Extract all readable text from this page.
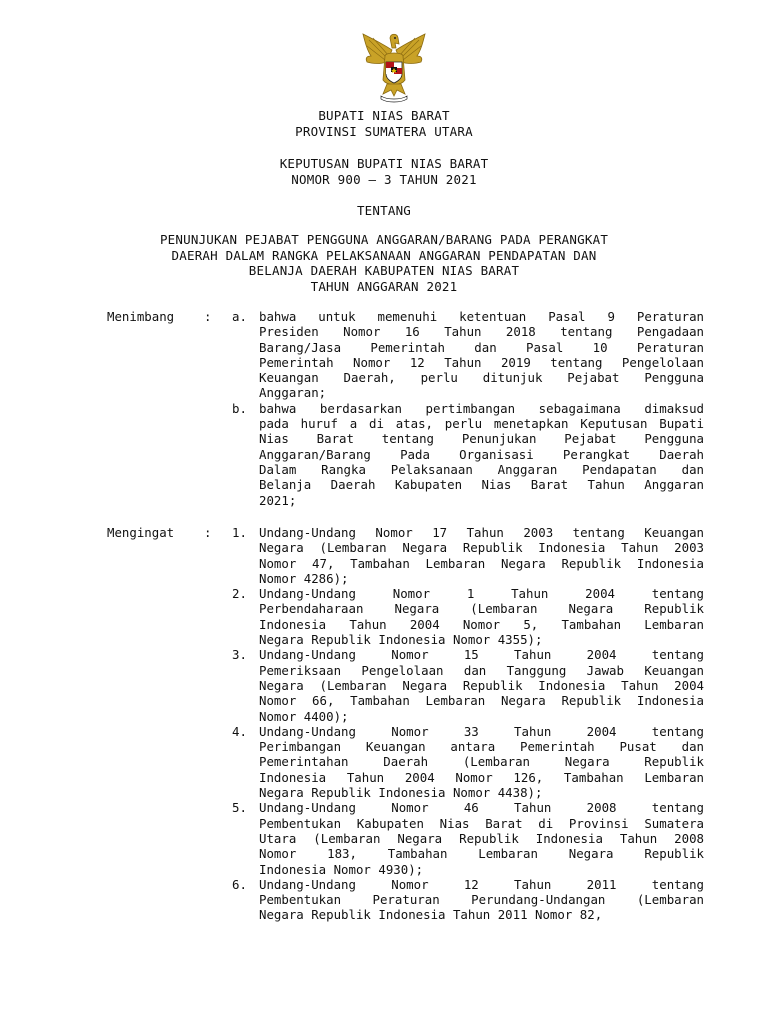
BUPATI NIAS BARAT
PROVINSI SUMATERA UTARA
KEPUTUSAN BUPATI NIAS BARAT
NOMOR 900 – 3 TAHUN 2021
TENTANG
PENUNJUKAN PEJABAT PENGGUNA ANGGARAN/BARANG PADA PERANGKAT
DAERAH DALAM RANGKA PELAKSANAAN ANGGARAN PENDAPATAN DAN
BELANJA DAERAH KABUPATEN NIAS BARAT
TAHUN ANGGARAN 2021
Menimbang : a. bahwa untuk memenuhi ketentuan Pasal 9 Peraturan
Presiden Nomor 16 Tahun 2018 tentang Pengadaan
Barang/Jasa Pemerintah dan Pasal 10 Peraturan
Pemerintah Nomor 12 Tahun 2019 tentang Pengelolaan
Keuangan Daerah, perlu ditunjuk Pejabat Pengguna
Anggaran;
b. bahwa berdasarkan pertimbangan sebagaimana dimaksud
pada huruf a di atas, perlu menetapkan Keputusan Bupati
Nias Barat tentang Penunjukan Pejabat Pengguna
Anggaran/Barang Pada Organisasi Perangkat Daerah
Dalam Rangka Pelaksanaan Anggaran Pendapatan dan
Belanja Daerah Kabupaten Nias Barat Tahun Anggaran
2021;
Mengingat : 1. Undang-Undang Nomor 17 Tahun 2003 tentang Keuangan
Negara (Lembaran Negara Republik Indonesia Tahun 2003
Nomor 47, Tambahan Lembaran Negara Republik Indonesia
Nomor 4286);
2. Undang-Undang Nomor 1 Tahun 2004 tentang
Perbendaharaan Negara (Lembaran Negara Republik
Indonesia Tahun 2004 Nomor 5, Tambahan Lembaran
Negara Republik Indonesia Nomor 4355);
3. Undang-Undang Nomor 15 Tahun 2004 tentang
Pemeriksaan Pengelolaan dan Tanggung Jawab Keuangan
Negara (Lembaran Negara Republik Indonesia Tahun 2004
Nomor 66, Tambahan Lembaran Negara Republik Indonesia
Nomor 4400);
4. Undang-Undang Nomor 33 Tahun 2004 tentang
Perimbangan Keuangan antara Pemerintah Pusat dan
Pemerintahan Daerah (Lembaran Negara Republik
Indonesia Tahun 2004 Nomor 126, Tambahan Lembaran
Negara Republik Indonesia Nomor 4438);
5. Undang-Undang Nomor 46 Tahun 2008 tentang
Pembentukan Kabupaten Nias Barat di Provinsi Sumatera
Utara (Lembaran Negara Republik Indonesia Tahun 2008
Nomor 183, Tambahan Lembaran Negara Republik
Indonesia Nomor 4930);
6. Undang-Undang Nomor 12 Tahun 2011 tentang
Pembentukan Peraturan Perundang-Undangan (Lembaran
Negara Republik Indonesia Tahun 2011 Nomor 82,
